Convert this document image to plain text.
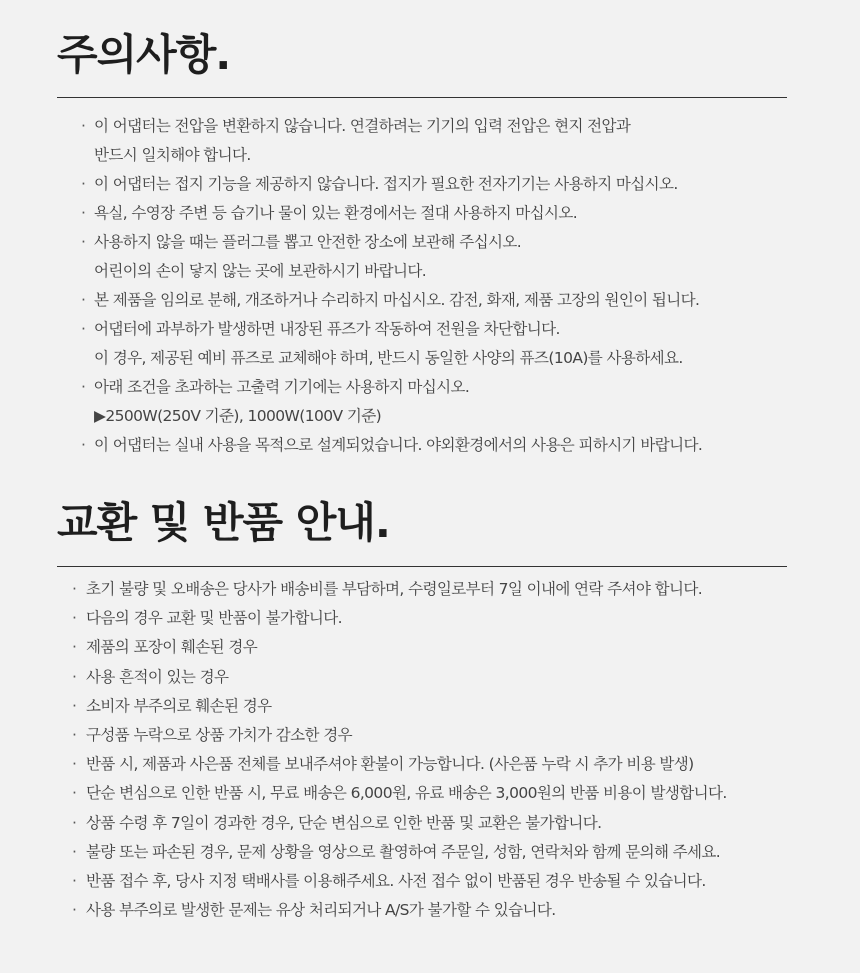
주의사항.
· 이 어댑터는 전압을 변환하지 않습니다. 연결하려는 기기의 입력 전압은 현지 전압과
반드시 일치해야 합니다.
· 이 어댑터는 접지 기능을 제공하지 않습니다. 접지가 필요한 전자기기는 사용하지 마십시오.
· 욕실, 수영장 주변 등 습기나 물이 있는 환경에서는 절대 사용하지 마십시오.
· 사용하지 않을 때는 플러그를 뽑고 안전한 장소에 보관해 주십시오.
어린이의 손이 닿지 않는 곳에 보관하시기 바랍니다.
· 본 제품을 임의로 분해, 개조하거나 수리하지 마십시오. 감전, 화재, 제품 고장의 원인이 됩니다.
· 어댑터에 과부하가 발생하면 내장된 퓨즈가 작동하여 전원을 차단합니다.
이 경우, 제공된 예비 퓨즈로 교체해야 하며, 반드시 동일한 사양의 퓨즈(10A)를 사용하세요.
· 아래 조건을 초과하는 고출력 기기에는 사용하지 마십시오.
▶2500W(250V 기준), 1000W(100V 기준)
· 이 어댑터는 실내 사용을 목적으로 설계되었습니다. 야외환경에서의 사용은 피하시기 바랍니다.
교환 및 반품 안내.
· 초기 불량 및 오배송은 당사가 배송비를 부담하며, 수령일로부터 7일 이내에 연락 주셔야 합니다.
· 다음의 경우 교환 및 반품이 불가합니다.
· 제품의 포장이 훼손된 경우
· 사용 흔적이 있는 경우
· 소비자 부주의로 훼손된 경우
· 구성품 누락으로 상품 가치가 감소한 경우
· 반품 시, 제품과 사은품 전체를 보내주셔야 환불이 가능합니다. (사은품 누락 시 추가 비용 발생)
· 단순 변심으로 인한 반품 시, 무료 배송은 6,000원, 유료 배송은 3,000원의 반품 비용이 발생합니다.
· 상품 수령 후 7일이 경과한 경우, 단순 변심으로 인한 반품 및 교환은 불가합니다.
· 불량 또는 파손된 경우, 문제 상황을 영상으로 촬영하여 주문일, 성함, 연락처와 함께 문의해 주세요.
· 반품 접수 후, 당사 지정 택배사를 이용해주세요. 사전 접수 없이 반품된 경우 반송될 수 있습니다.
· 사용 부주의로 발생한 문제는 유상 처리되거나 A/S가 불가할 수 있습니다.
